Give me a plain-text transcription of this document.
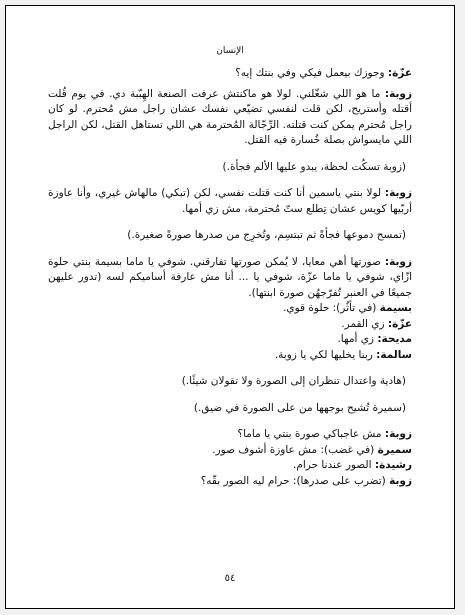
الإنسان

عزّة: وجوزك بيعمل فيكي وفي بنتك إيه؟

زوبة: ما هو اللي شغّلني. لولا هو ماكنتش عرفت الصنعة الهِبّبة دي. في يوم قُلت أقتله وأستريح، لكن قلت لنفسي تضيّعي نفسك عشان راجل مش مُحترم. لو كان راجل مُحترم يمكن كنت قتلته. الرِّجّالة المُحترمة هي اللي تستاهل القتل، لكن الراجل اللي مايسواش بصلة خُسارة فيه القتل.

(زوبة تسكُت لحظة، يبدو عليها الألم فجأة.)

زوبة: لولا بنتي ياسمين أنا كنت قتلت نفسي، لكن (تبكي) مالهاش غيري، وأنا عاوزة أربّيها كويس عشان تِطلع ستّ مُحترمة، مش زي أمها.

(تمسح دموعها فجأةً ثم تبتسِم، وتُخرِج من صدرها صورةً صغيرة.)

زوبة: صورتها أهي معايا، لا يُمكن صورتها تفارقني. شوفي يا ماما بسيمة بنتي حلوة ازّاي، شوفي يا ماما عزّة، شوفي يا ... أنا مش عارفة أساميكم لسه (تدور عليهن جميعًا في العنبر تُفرّجهُن صورة ابنتها).

بسيمة (في تأثُر): حلوة قوي.

عزّة: زي القمر.

مديحة: زي أمها.

سالمة: ربنا يخليها لكي يا زوبة.

(هادية واعتدال تنظران إلى الصورة ولا تقولان شيئًا.)

(سميرة تُشيح بوجهها من على الصورة في ضيق.)

زوبة: مش عاجباكي صورة بنتي يا ماما؟

سميرة (في غضب): مش عاوزة أشوف صور.

رشيدة: الصور عندنا حرام.

زوبة (تضرب على صدرها): حرام ليه الصور بقّه؟

٥٤
